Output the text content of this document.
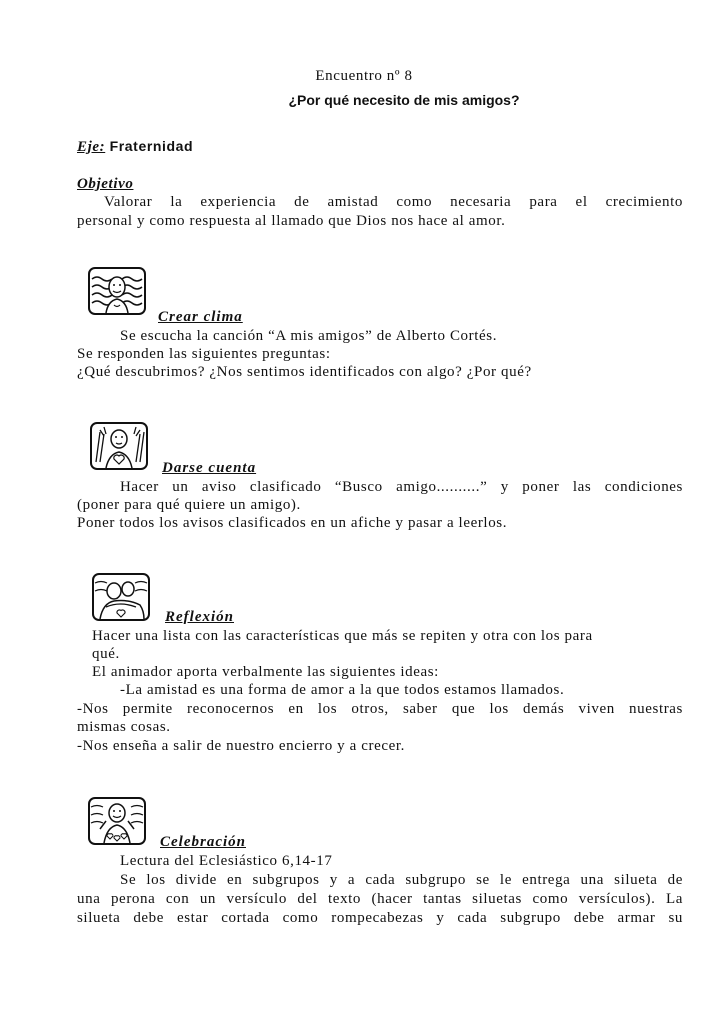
Encuentro nº 8
¿Por qué necesito de mis amigos?
Eje: Fraternidad
Objetivo
Valorar la experiencia de amistad como necesaria para el crecimiento
personal y como respuesta al llamado que Dios nos hace al amor.
Crear clima
Se escucha la canción “A mis amigos” de Alberto Cortés.
Se responden las siguientes preguntas:
¿Qué descubrimos? ¿Nos sentimos identificados con algo? ¿Por qué?
Darse cuenta
Hacer un aviso clasificado “Busco amigo..........” y poner las condiciones
(poner para qué quiere un amigo).
Poner todos los avisos clasificados en un afiche y pasar a leerlos.
Reflexión
Hacer una lista con las características que más se repiten y otra con los para
qué.
El animador aporta verbalmente las siguientes ideas:
-La amistad es una forma de amor a la que todos estamos llamados.
-Nos permite reconocernos en los otros, saber que los demás viven nuestras
mismas cosas.
-Nos enseña a salir de nuestro encierro y a crecer.
Celebración
Lectura del Eclesiástico 6,14-17
Se los divide en subgrupos y a cada subgrupo se le entrega una silueta de
una perona con un versículo del texto (hacer tantas siluetas como versículos). La
silueta debe estar cortada como rompecabezas y cada subgrupo debe armar su
